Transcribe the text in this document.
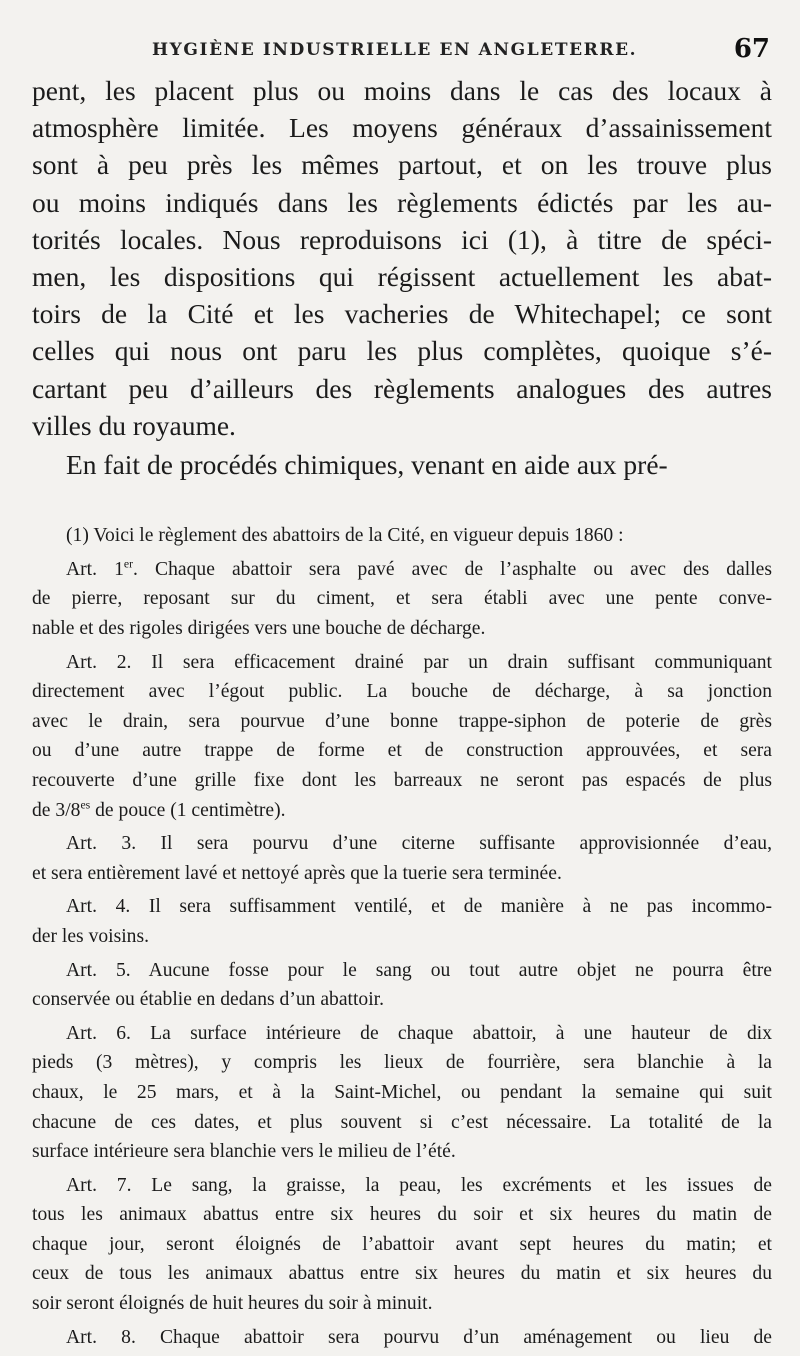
HYGIÈNE INDUSTRIELLE EN ANGLETERRE.	67
pent, les placent plus ou moins dans le cas des locaux à
atmosphère limitée. Les moyens généraux d’assainissement
sont à peu près les mêmes partout, et on les trouve plus
ou moins indiqués dans les règlements édictés par les au-
torités locales. Nous reproduisons ici (1), à titre de spéci-
men, les dispositions qui régissent actuellement les abat-
toirs de la Cité et les vacheries de Whitechapel; ce sont
celles qui nous ont paru les plus complètes, quoique s’é-
cartant peu d’ailleurs des règlements analogues des autres
villes du royaume.
En fait de procédés chimiques, venant en aide aux pré-
(1) Voici le règlement des abattoirs de la Cité, en vigueur depuis 1860 :
Art. 1er. Chaque abattoir sera pavé avec de l’asphalte ou avec des dalles
de pierre, reposant sur du ciment, et sera établi avec une pente conve-
nable et des rigoles dirigées vers une bouche de décharge.
Art. 2. Il sera efficacement drainé par un drain suffisant communiquant
directement avec l’égout public. La bouche de décharge, à sa jonction
avec le drain, sera pourvue d’une bonne trappe-siphon de poterie de grès
ou d’une autre trappe de forme et de construction approuvées, et sera
recouverte d’une grille fixe dont les barreaux ne seront pas espacés de plus
de $3/8^{es}$ de pouce (1 centimètre).
Art. 3. Il sera pourvu d’une citerne suffisante approvisionnée d’eau,
et sera entièrement lavé et nettoyé après que la tuerie sera terminée.
Art. 4. Il sera suffisamment ventilé, et de manière à ne pas incommo-
der les voisins.
Art. 5. Aucune fosse pour le sang ou tout autre objet ne pourra être
conservée ou établie en dedans d’un abattoir.
Art. 6. La surface intérieure de chaque abattoir, à une hauteur de dix
pieds (3 mètres), y compris les lieux de fourrière, sera blanchie à la
chaux, le 25 mars, et à la Saint-Michel, ou pendant la semaine qui suit
chacune de ces dates, et plus souvent si c’est nécessaire. La totalité de la
surface intérieure sera blanchie vers le milieu de l’été.
Art. 7. Le sang, la graisse, la peau, les excréments et les issues de
tous les animaux abattus entre six heures du soir et six heures du matin de
chaque jour, seront éloignés de l’abattoir avant sept heures du matin; et
ceux de tous les animaux abattus entre six heures du matin et six heures du
soir seront éloignés de huit heures du soir à minuit.
Art. 8. Chaque abattoir sera pourvu d’un aménagement ou lieu de
